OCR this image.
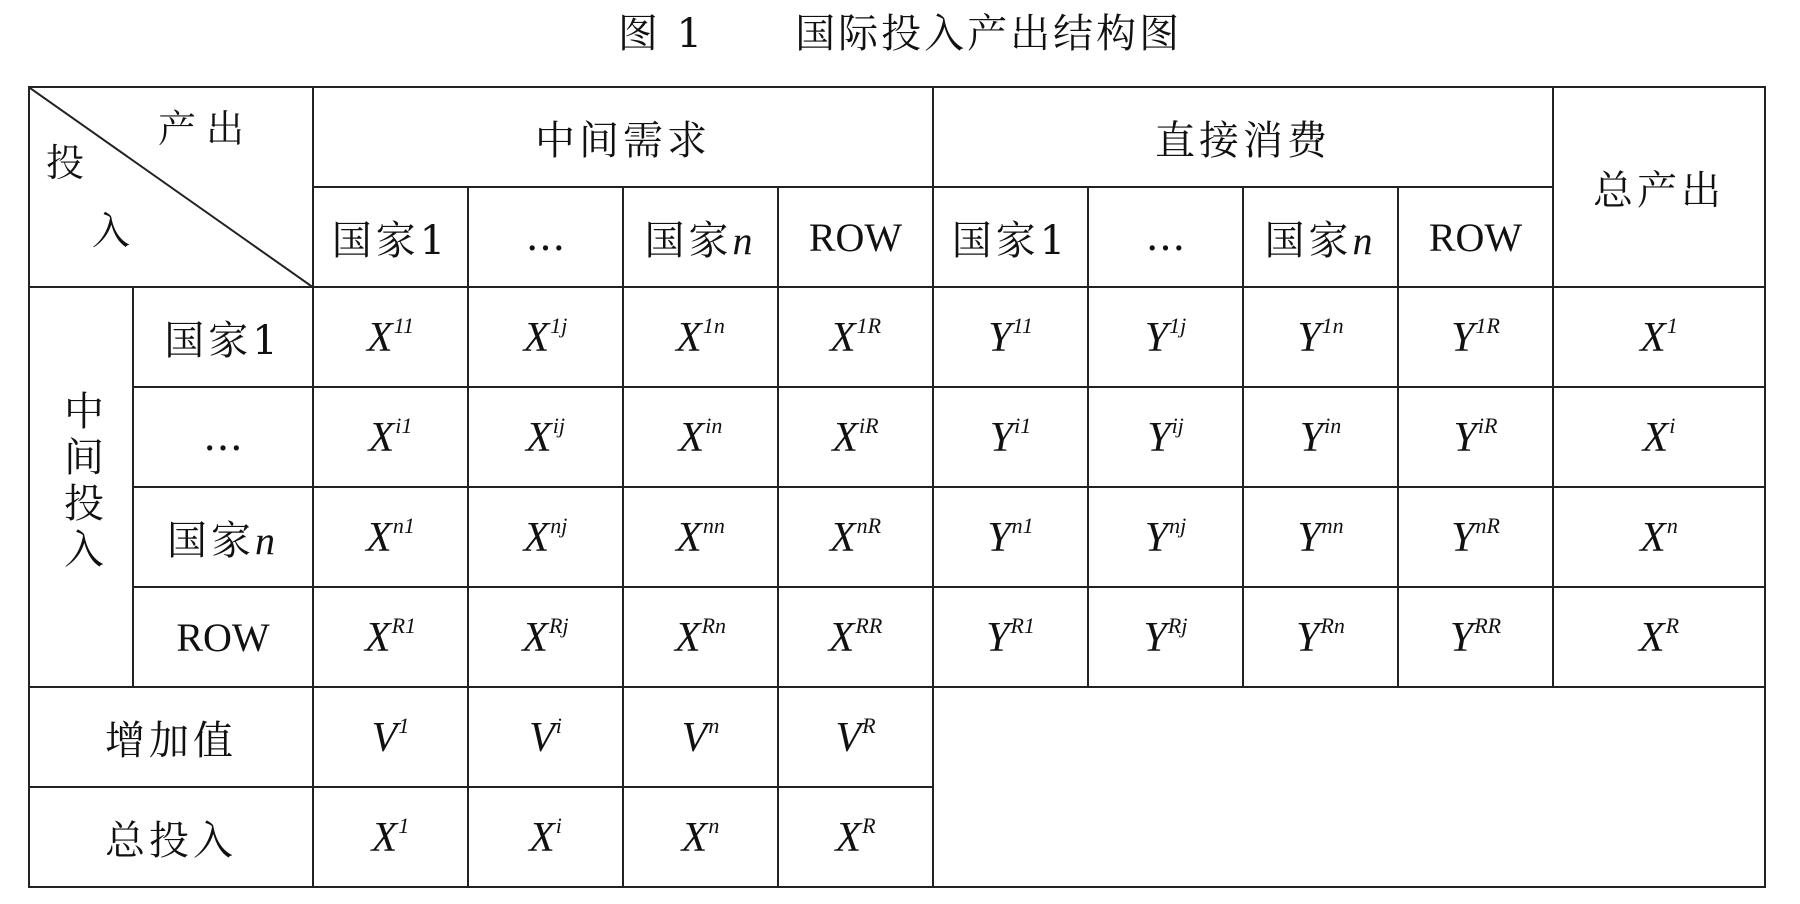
图 1 国际投入产出结构图
产出
投
入		中间需求				直接消费				总产出
		国家1	…	国家n	ROW	国家1	…	国家n	ROW	
中间投入	国家1	$X^{11}$	$X^{1j}$	$X^{1n}$	$X^{1R}$	$Y^{11}$	$Y^{1j}$	$Y^{1n}$	$Y^{1R}$	$X^1$
	…	$X^{i1}$	$X^{ij}$	$X^{in}$	$X^{iR}$	$Y^{i1}$	$Y^{ij}$	$Y^{in}$	$Y^{iR}$	$X^i$
	国家n	$X^{n1}$	$X^{nj}$	$X^{nn}$	$X^{nR}$	$Y^{n1}$	$Y^{nj}$	$Y^{nn}$	$Y^{nR}$	$X^n$
	ROW	$X^{R1}$	$X^{Rj}$	$X^{Rn}$	$X^{RR}$	$Y^{R1}$	$Y^{Rj}$	$Y^{Rn}$	$Y^{RR}$	$X^R$
增加值		$V^1$	$V^i$	$V^n$	$V^R$	
总投入		$X^1$	$X^i$	$X^n$	$X^R$
